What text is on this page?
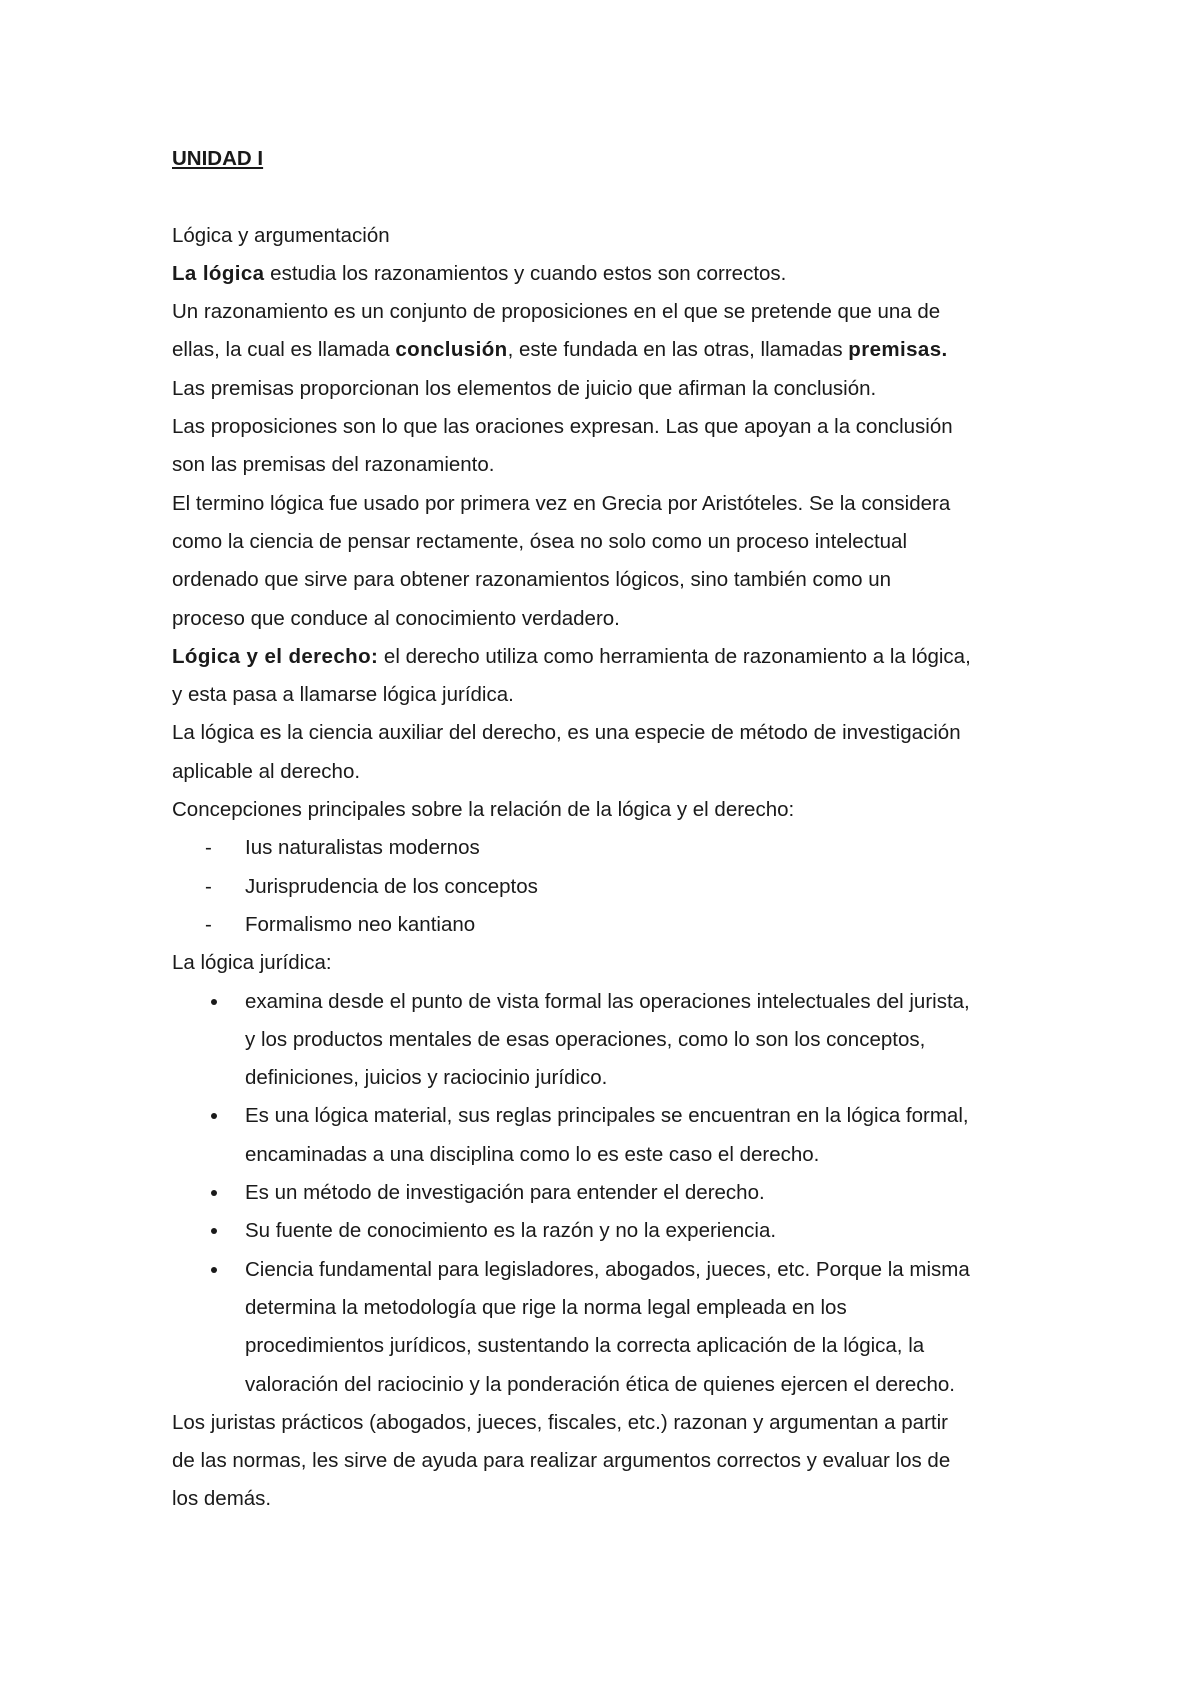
UNIDAD I
Lógica y argumentación
La lógica estudia los razonamientos y cuando estos son correctos.
Un razonamiento es un conjunto de proposiciones en el que se pretende que una de
ellas, la cual es llamada conclusión, este fundada en las otras, llamadas premisas.
Las premisas proporcionan los elementos de juicio que afirman la conclusión.
Las proposiciones son lo que las oraciones expresan. Las que apoyan a la conclusión
son las premisas del razonamiento.
El termino lógica fue usado por primera vez en Grecia por Aristóteles. Se la considera
como la ciencia de pensar rectamente, ósea no solo como un proceso intelectual
ordenado que sirve para obtener razonamientos lógicos, sino también como un
proceso que conduce al conocimiento verdadero.
Lógica y el derecho: el derecho utiliza como herramienta de razonamiento a la lógica,
y esta pasa a llamarse lógica jurídica.
La lógica es la ciencia auxiliar del derecho, es una especie de método de investigación
aplicable al derecho.
Concepciones principales sobre la relación de la lógica y el derecho:
- Ius naturalistas modernos
- Jurisprudencia de los conceptos
- Formalismo neo kantiano
La lógica jurídica:
examina desde el punto de vista formal las operaciones intelectuales del jurista,
y los productos mentales de esas operaciones, como lo son los conceptos,
definiciones, juicios y raciocinio jurídico.
Es una lógica material, sus reglas principales se encuentran en la lógica formal,
encaminadas a una disciplina como lo es este caso el derecho.
Es un método de investigación para entender el derecho.
Su fuente de conocimiento es la razón y no la experiencia.
Ciencia fundamental para legisladores, abogados, jueces, etc. Porque la misma
determina la metodología que rige la norma legal empleada en los
procedimientos jurídicos, sustentando la correcta aplicación de la lógica, la
valoración del raciocinio y la ponderación ética de quienes ejercen el derecho.
Los juristas prácticos (abogados, jueces, fiscales, etc.) razonan y argumentan a partir
de las normas, les sirve de ayuda para realizar argumentos correctos y evaluar los de
los demás.
